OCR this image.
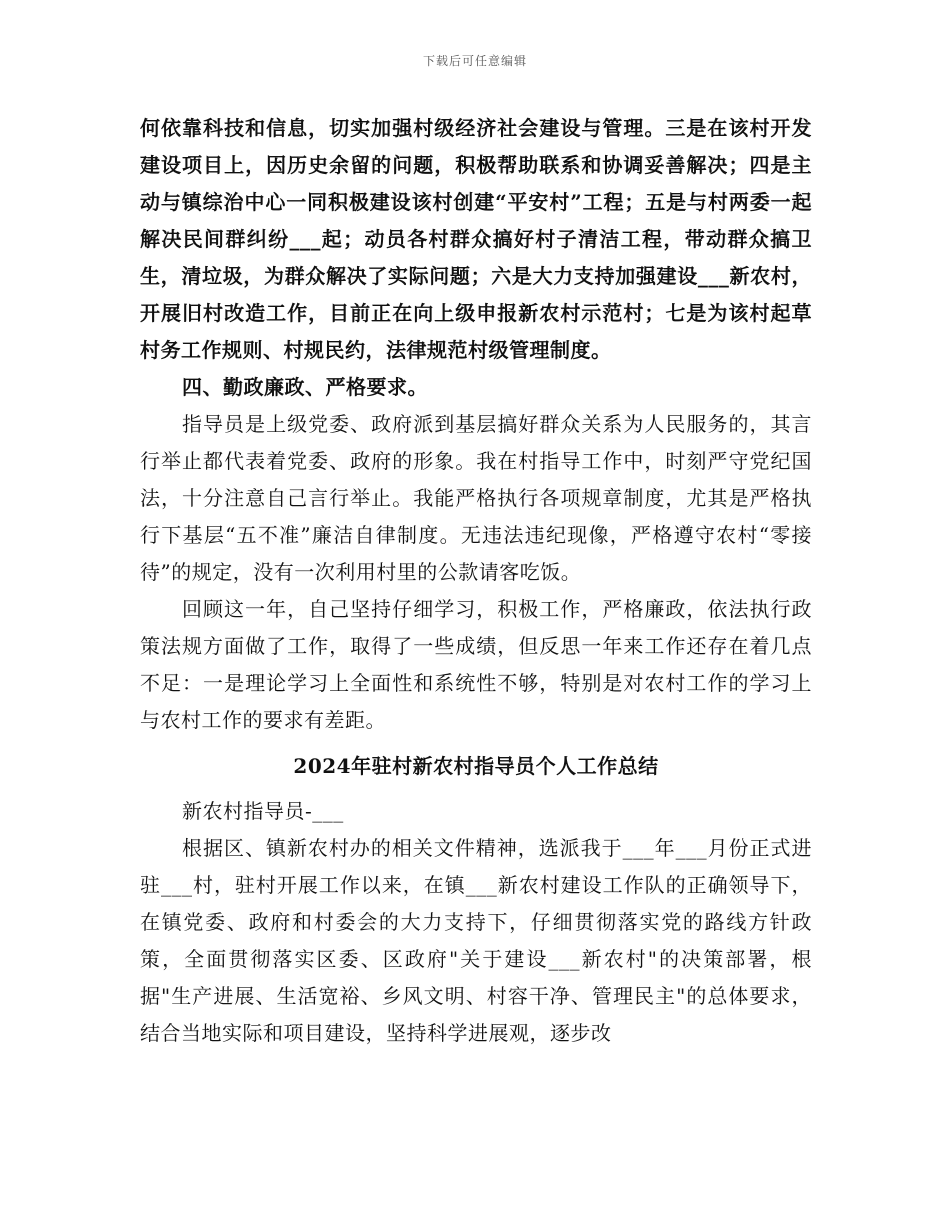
下载后可任意编辑

何依靠科技和信息，切实加强村级经济社会建设与管理。三是在该村开发建设项目上，因历史余留的问题，积极帮助联系和协调妥善解决；四是主动与镇综治中心一同积极建设该村创建“平安村”工程；五是与村两委一起解决民间群纠纷___起；动员各村群众搞好村子清洁工程，带动群众搞卫生，清垃圾，为群众解决了实际问题；六是大力支持加强建设___新农村，开展旧村改造工作，目前正在向上级申报新农村示范村；七是为该村起草村务工作规则、村规民约，法律规范村级管理制度。

四、勤政廉政、严格要求。

指导员是上级党委、政府派到基层搞好群众关系为人民服务的，其言行举止都代表着党委、政府的形象。我在村指导工作中，时刻严守党纪国法，十分注意自己言行举止。我能严格执行各项规章制度，尤其是严格执行下基层“五不准”廉洁自律制度。无违法违纪现像，严格遵守农村“零接待”的规定，没有一次利用村里的公款请客吃饭。

回顾这一年，自己坚持仔细学习，积极工作，严格廉政，依法执行政策法规方面做了工作，取得了一些成绩，但反思一年来工作还存在着几点不足：一是理论学习上全面性和系统性不够，特别是对农村工作的学习上与农村工作的要求有差距。

2024年驻村新农村指导员个人工作总结

新农村指导员-___

根据区、镇新农村办的相关文件精神，选派我于___年___月份正式进驻___村，驻村开展工作以来，在镇___新农村建设工作队的正确领导下，在镇党委、政府和村委会的大力支持下，仔细贯彻落实党的路线方针政策，全面贯彻落实区委、区政府"关于建设___新农村"的决策部署，根据"生产进展、生活宽裕、乡风文明、村容干净、管理民主"的总体要求，结合当地实际和项目建设，坚持科学进展观，逐步改
